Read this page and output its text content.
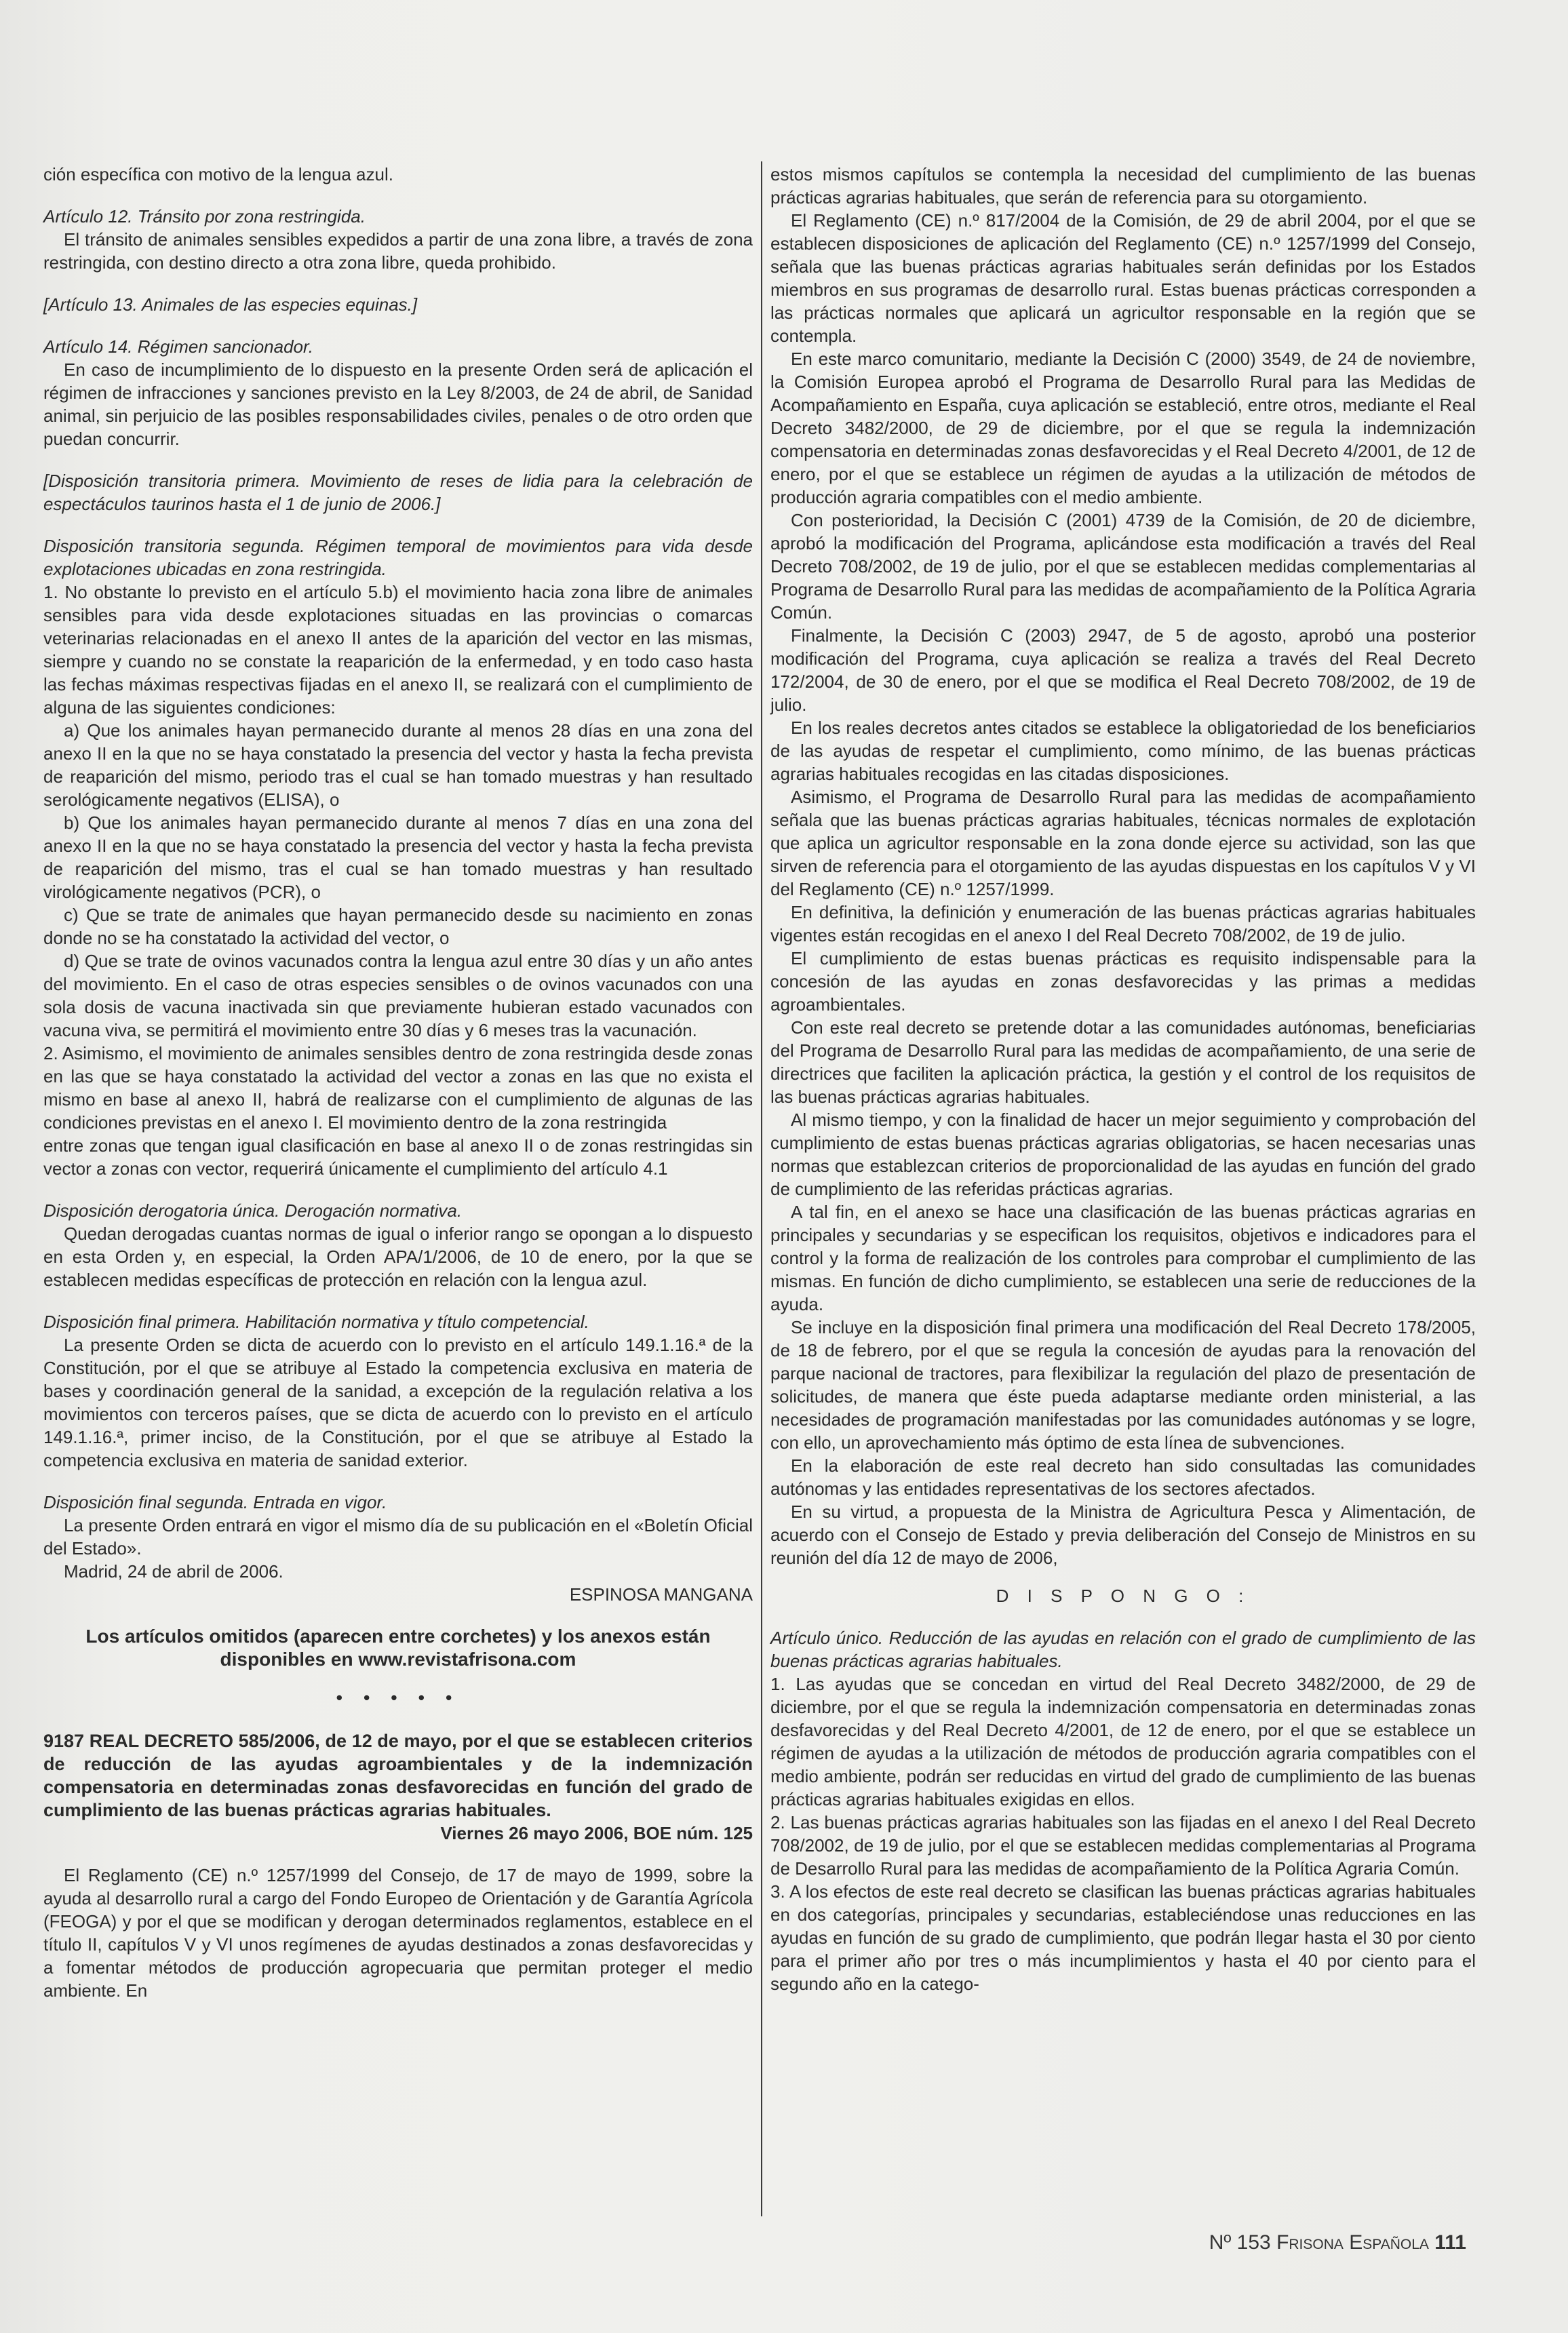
ción específica con motivo de la lengua azul.

Artículo 12. Tránsito por zona restringida.

El tránsito de animales sensibles expedidos a partir de una zona libre, a través de zona restringida, con destino directo a otra zona libre, queda prohibido.

[Artículo 13. Animales de las especies equinas.]

Artículo 14. Régimen sancionador.

En caso de incumplimiento de lo dispuesto en la presente Orden será de aplicación el régimen de infracciones y sanciones previsto en la Ley 8/2003, de 24 de abril, de Sanidad animal, sin perjuicio de las posibles responsabilidades civiles, penales o de otro orden que puedan concurrir.

[Disposición transitoria primera. Movimiento de reses de lidia para la celebración de espectáculos taurinos hasta el 1 de junio de 2006.]

Disposición transitoria segunda. Régimen temporal de movimientos para vida desde explotaciones ubicadas en zona restringida.

1. No obstante lo previsto en el artículo 5.b) el movimiento hacia zona libre de animales sensibles para vida desde explotaciones situadas en las provincias o comarcas veterinarias relacionadas en el anexo II antes de la aparición del vector en las mismas, siempre y cuando no se constate la reaparición de la enfermedad, y en todo caso hasta las fechas máximas respectivas fijadas en el anexo II, se realizará con el cumplimiento de alguna de las siguientes condiciones:

a) Que los animales hayan permanecido durante al menos 28 días en una zona del anexo II en la que no se haya constatado la presencia del vector y hasta la fecha prevista de reaparición del mismo, periodo tras el cual se han tomado muestras y han resultado serológicamente negativos (ELISA), o

b) Que los animales hayan permanecido durante al menos 7 días en una zona del anexo II en la que no se haya constatado la presencia del vector y hasta la fecha prevista de reaparición del mismo, tras el cual se han tomado muestras y han resultado virológicamente negativos (PCR), o

c) Que se trate de animales que hayan permanecido desde su nacimiento en zonas donde no se ha constatado la actividad del vector, o

d) Que se trate de ovinos vacunados contra la lengua azul entre 30 días y un año antes del movimiento. En el caso de otras especies sensibles o de ovinos vacunados con una sola dosis de vacuna inactivada sin que previamente hubieran estado vacunados con vacuna viva, se permitirá el movimiento entre 30 días y 6 meses tras la vacunación.

2. Asimismo, el movimiento de animales sensibles dentro de zona restringida desde zonas en las que se haya constatado la actividad del vector a zonas en las que no exista el mismo en base al anexo II, habrá de realizarse con el cumplimiento de algunas de las condiciones previstas en el anexo I. El movimiento dentro de la zona restringida

entre zonas que tengan igual clasificación en base al anexo II o de zonas restringidas sin vector a zonas con vector, requerirá únicamente el cumplimiento del artículo 4.1

Disposición derogatoria única. Derogación normativa.

Quedan derogadas cuantas normas de igual o inferior rango se opongan a lo dispuesto en esta Orden y, en especial, la Orden APA/1/2006, de 10 de enero, por la que se establecen medidas específicas de protección en relación con la lengua azul.

Disposición final primera. Habilitación normativa y título competencial.

La presente Orden se dicta de acuerdo con lo previsto en el artículo 149.1.16.ª de la Constitución, por el que se atribuye al Estado la competencia exclusiva en materia de bases y coordinación general de la sanidad, a excepción de la regulación relativa a los movimientos con terceros países, que se dicta de acuerdo con lo previsto en el artículo 149.1.16.ª, primer inciso, de la Constitución, por el que se atribuye al Estado la competencia exclusiva en materia de sanidad exterior.

Disposición final segunda. Entrada en vigor.

La presente Orden entrará en vigor el mismo día de su publicación en el «Boletín Oficial del Estado».

Madrid, 24 de abril de 2006.

ESPINOSA MANGANA

Los artículos omitidos (aparecen entre corchetes) y los anexos están disponibles en www.revistafrisona.com

• • • • •

9187 REAL DECRETO 585/2006, de 12 de mayo, por el que se establecen criterios de reducción de las ayudas agroambientales y de la indemnización compensatoria en determinadas zonas desfavorecidas en función del grado de cumplimiento de las buenas prácticas agrarias habituales.

Viernes 26 mayo 2006, BOE núm. 125

El Reglamento (CE) n.º 1257/1999 del Consejo, de 17 de mayo de 1999, sobre la ayuda al desarrollo rural a cargo del Fondo Europeo de Orientación y de Garantía Agrícola (FEOGA) y por el que se modifican y derogan determinados reglamentos, establece en el título II, capítulos V y VI unos regímenes de ayudas destinados a zonas desfavorecidas y a fomentar métodos de producción agropecuaria que permitan proteger el medio ambiente. En

estos mismos capítulos se contempla la necesidad del cumplimiento de las buenas prácticas agrarias habituales, que serán de referencia para su otorgamiento.

El Reglamento (CE) n.º 817/2004 de la Comisión, de 29 de abril 2004, por el que se establecen disposiciones de aplicación del Reglamento (CE) n.º 1257/1999 del Consejo, señala que las buenas prácticas agrarias habituales serán definidas por los Estados miembros en sus programas de desarrollo rural. Estas buenas prácticas corresponden a las prácticas normales que aplicará un agricultor responsable en la región que se contempla.

En este marco comunitario, mediante la Decisión C (2000) 3549, de 24 de noviembre, la Comisión Europea aprobó el Programa de Desarrollo Rural para las Medidas de Acompañamiento en España, cuya aplicación se estableció, entre otros, mediante el Real Decreto 3482/2000, de 29 de diciembre, por el que se regula la indemnización compensatoria en determinadas zonas desfavorecidas y el Real Decreto 4/2001, de 12 de enero, por el que se establece un régimen de ayudas a la utilización de métodos de producción agraria compatibles con el medio ambiente.

Con posterioridad, la Decisión C (2001) 4739 de la Comisión, de 20 de diciembre, aprobó la modificación del Programa, aplicándose esta modificación a través del Real Decreto 708/2002, de 19 de julio, por el que se establecen medidas complementarias al Programa de Desarrollo Rural para las medidas de acompañamiento de la Política Agraria Común.

Finalmente, la Decisión C (2003) 2947, de 5 de agosto, aprobó una posterior modificación del Programa, cuya aplicación se realiza a través del Real Decreto 172/2004, de 30 de enero, por el que se modifica el Real Decreto 708/2002, de 19 de julio.

En los reales decretos antes citados se establece la obligatoriedad de los beneficiarios de las ayudas de respetar el cumplimiento, como mínimo, de las buenas prácticas agrarias habituales recogidas en las citadas disposiciones.

Asimismo, el Programa de Desarrollo Rural para las medidas de acompañamiento señala que las buenas prácticas agrarias habituales, técnicas normales de explotación que aplica un agricultor responsable en la zona donde ejerce su actividad, son las que sirven de referencia para el otorgamiento de las ayudas dispuestas en los capítulos V y VI del Reglamento (CE) n.º 1257/1999.

En definitiva, la definición y enumeración de las buenas prácticas agrarias habituales vigentes están recogidas en el anexo I del Real Decreto 708/2002, de 19 de julio.

El cumplimiento de estas buenas prácticas es requisito indispensable para la concesión de las ayudas en zonas desfavorecidas y las primas a medidas agroambientales.

Con este real decreto se pretende dotar a las comunidades autónomas, beneficiarias del Programa de Desarrollo Rural para las medidas de acompañamiento, de una serie de directrices que faciliten la aplicación práctica, la gestión y el control de los requisitos de las buenas prácticas agrarias habituales.

Al mismo tiempo, y con la finalidad de hacer un mejor seguimiento y comprobación del cumplimiento de estas buenas prácticas agrarias obligatorias, se hacen necesarias unas normas que establezcan criterios de proporcionalidad de las ayudas en función del grado de cumplimiento de las referidas prácticas agrarias.

A tal fin, en el anexo se hace una clasificación de las buenas prácticas agrarias en principales y secundarias y se especifican los requisitos, objetivos e indicadores para el control y la forma de realización de los controles para comprobar el cumplimiento de las mismas. En función de dicho cumplimiento, se establecen una serie de reducciones de la ayuda.

Se incluye en la disposición final primera una modificación del Real Decreto 178/2005, de 18 de febrero, por el que se regula la concesión de ayudas para la renovación del parque nacional de tractores, para flexibilizar la regulación del plazo de presentación de solicitudes, de manera que éste pueda adaptarse mediante orden ministerial, a las necesidades de programación manifestadas por las comunidades autónomas y se logre, con ello, un aprovechamiento más óptimo de esta línea de subvenciones.

En la elaboración de este real decreto han sido consultadas las comunidades autónomas y las entidades representativas de los sectores afectados.

En su virtud, a propuesta de la Ministra de Agricultura Pesca y Alimentación, de acuerdo con el Consejo de Estado y previa deliberación del Consejo de Ministros en su reunión del día 12 de mayo de 2006,

D I S P O N G O :

Artículo único. Reducción de las ayudas en relación con el grado de cumplimiento de las buenas prácticas agrarias habituales.

1. Las ayudas que se concedan en virtud del Real Decreto 3482/2000, de 29 de diciembre, por el que se regula la indemnización compensatoria en determinadas zonas desfavorecidas y del Real Decreto 4/2001, de 12 de enero, por el que se establece un régimen de ayudas a la utilización de métodos de producción agraria compatibles con el medio ambiente, podrán ser reducidas en virtud del grado de cumplimiento de las buenas prácticas agrarias habituales exigidas en ellos.

2. Las buenas prácticas agrarias habituales son las fijadas en el anexo I del Real Decreto 708/2002, de 19 de julio, por el que se establecen medidas complementarias al Programa de Desarrollo Rural para las medidas de acompañamiento de la Política Agraria Común.

3. A los efectos de este real decreto se clasifican las buenas prácticas agrarias habituales en dos categorías, principales y secundarias, estableciéndose unas reducciones en las ayudas en función de su grado de cumplimiento, que podrán llegar hasta el 30 por ciento para el primer año por tres o más incumplimientos y hasta el 40 por ciento para el segundo año en la catego-

Nº 153 Frisona Española 111
